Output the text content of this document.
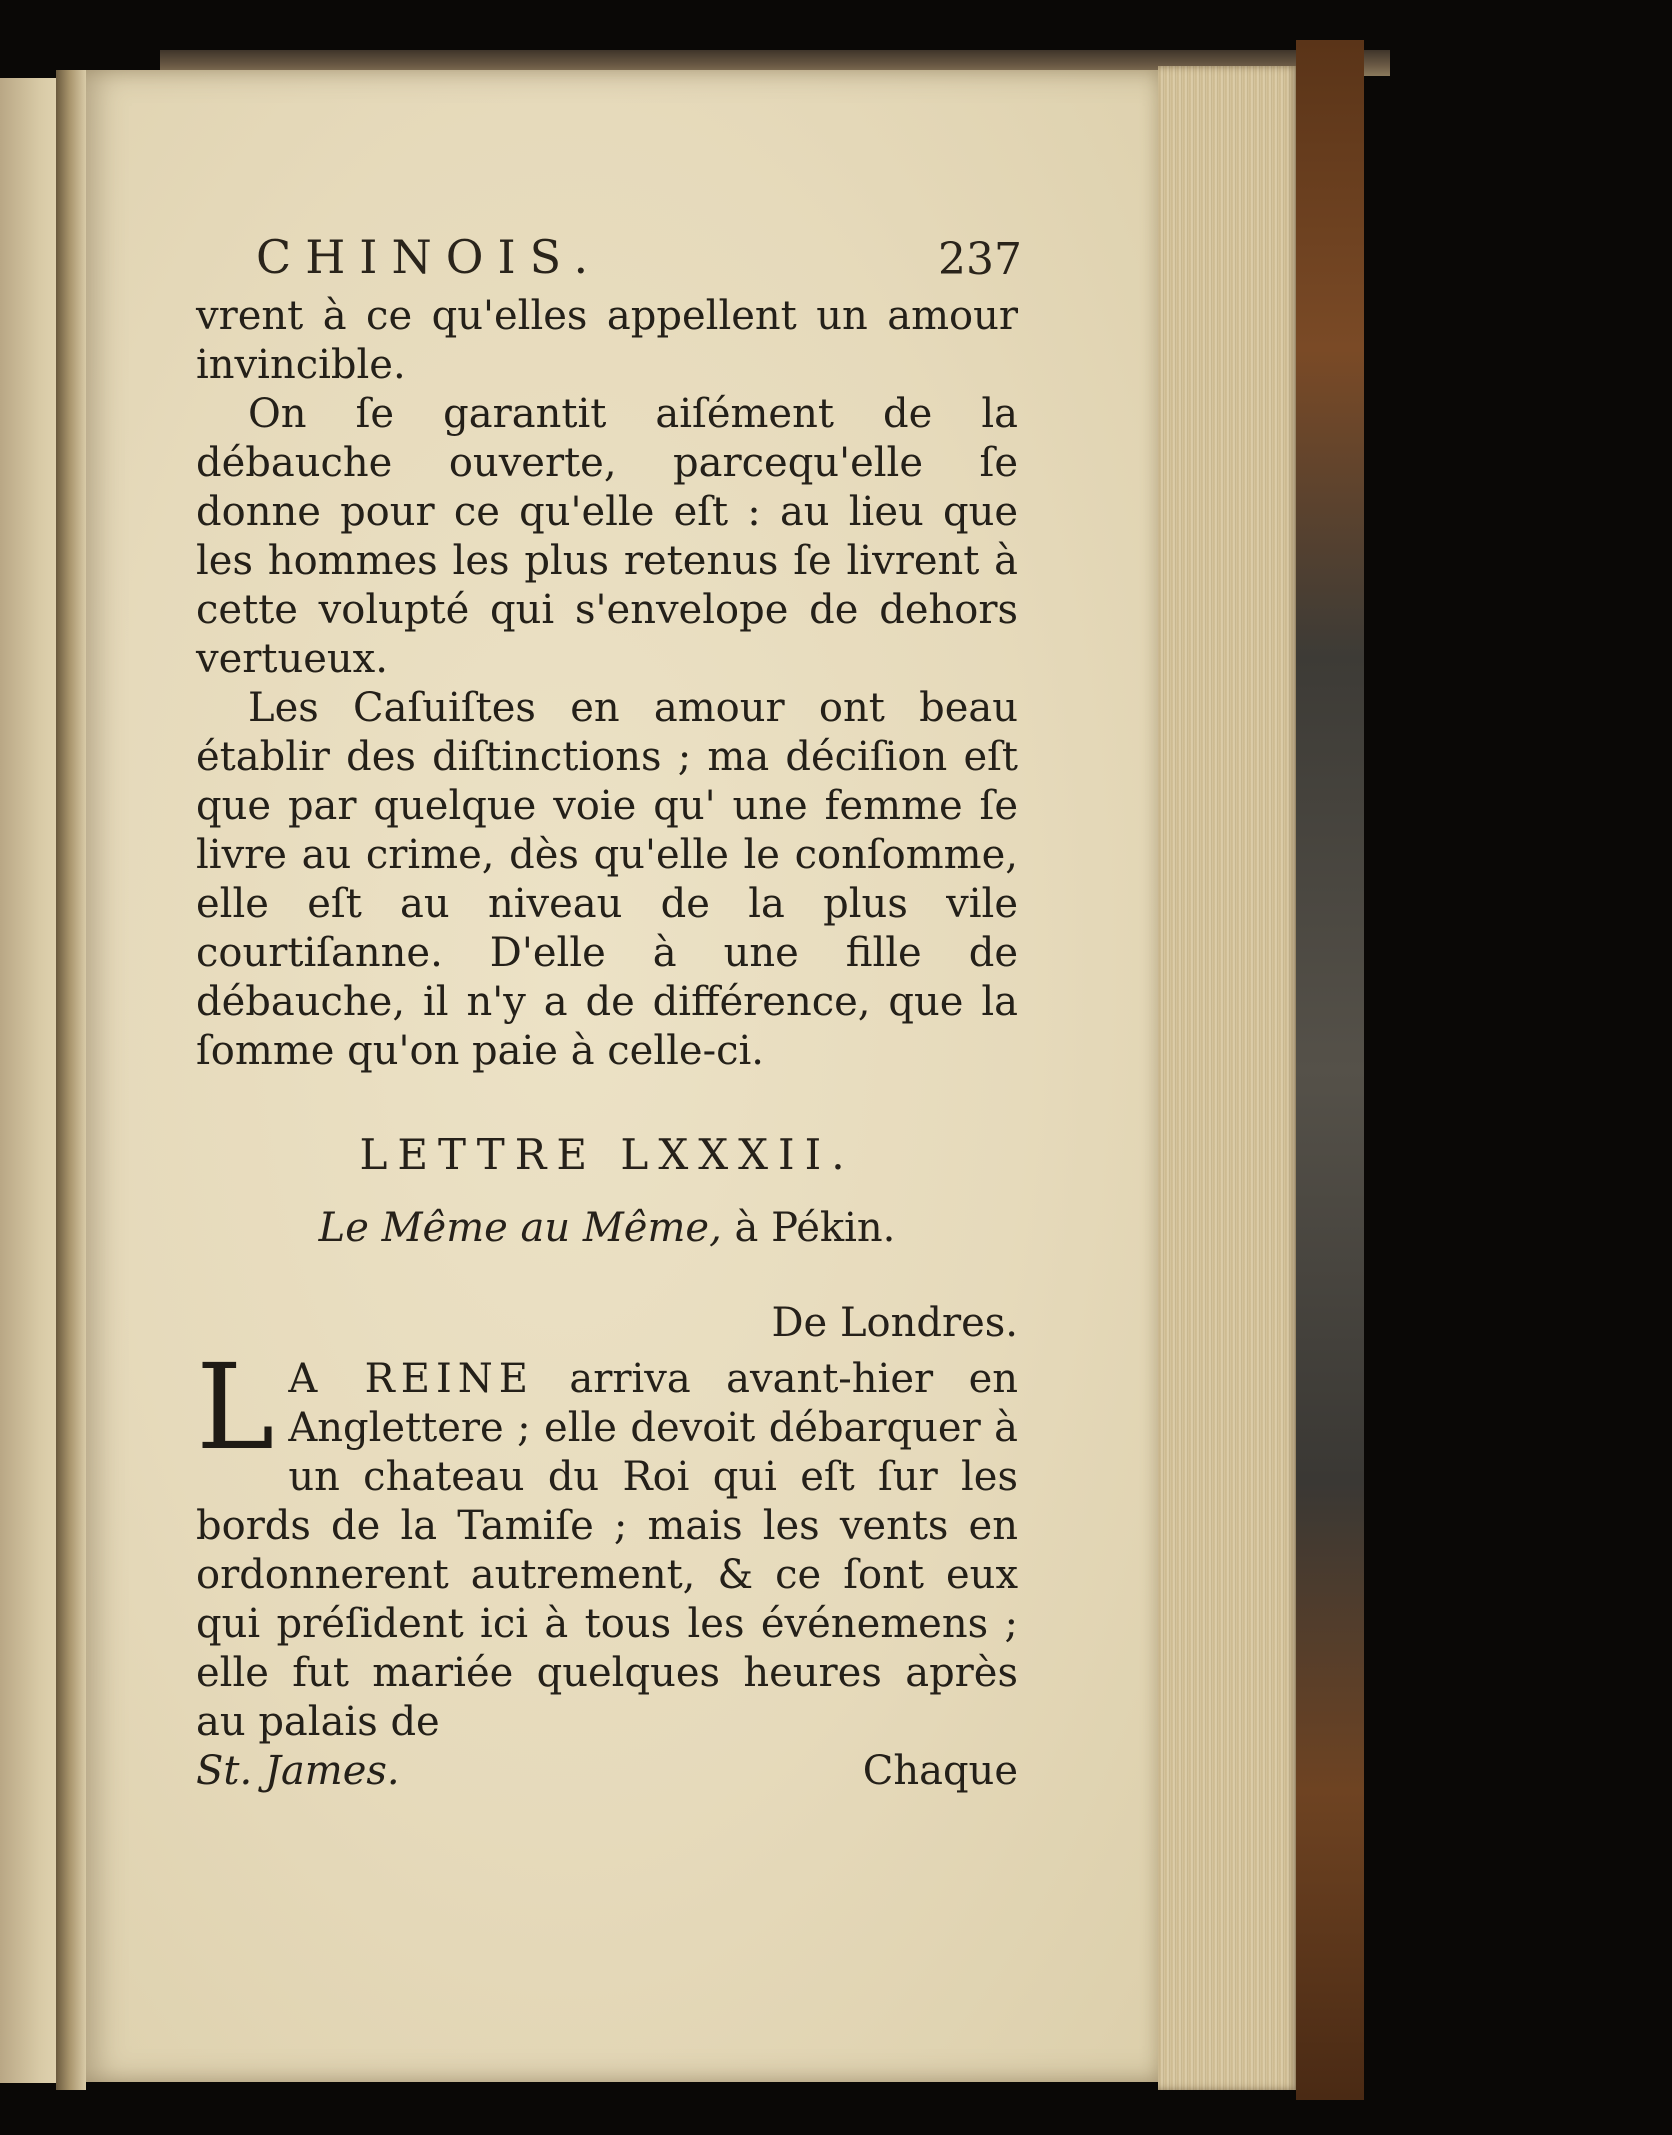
CHINOIS.	237

vrent à ce qu'elles appellent un amour invincible.

On ſe garantit aiſément de la débauche ouverte, parcequ'elle ſe donne pour ce qu'elle eſt : au lieu que les hommes les plus retenus ſe livrent à cette volupté qui s'envelope de dehors vertueux.

Les Caſuiſtes en amour ont beau établir des diſtinctions ; ma déciſion eſt que par quelque voie qu' une femme ſe livre au crime, dès qu'elle le conſomme, elle eſt au niveau de la plus vile courtiſanne. D'elle à une fille de débauche, il n'y a de différence, que la ſomme qu'on paie à celle-ci.

LETTRE LXXXII.
Le Même au Même, à Pékin.
De Londres.
L A REINE arriva avant-hier en Anglettere ; elle devoit débarquer à un chateau du Roi qui eſt ſur les bords de la Tamiſe ; mais les vents en ordonnerent autrement, & ce ſont eux qui préſident ici à tous les événemens ; elle fut mariée quelques heures après au palais de
St. James.	Chaque
